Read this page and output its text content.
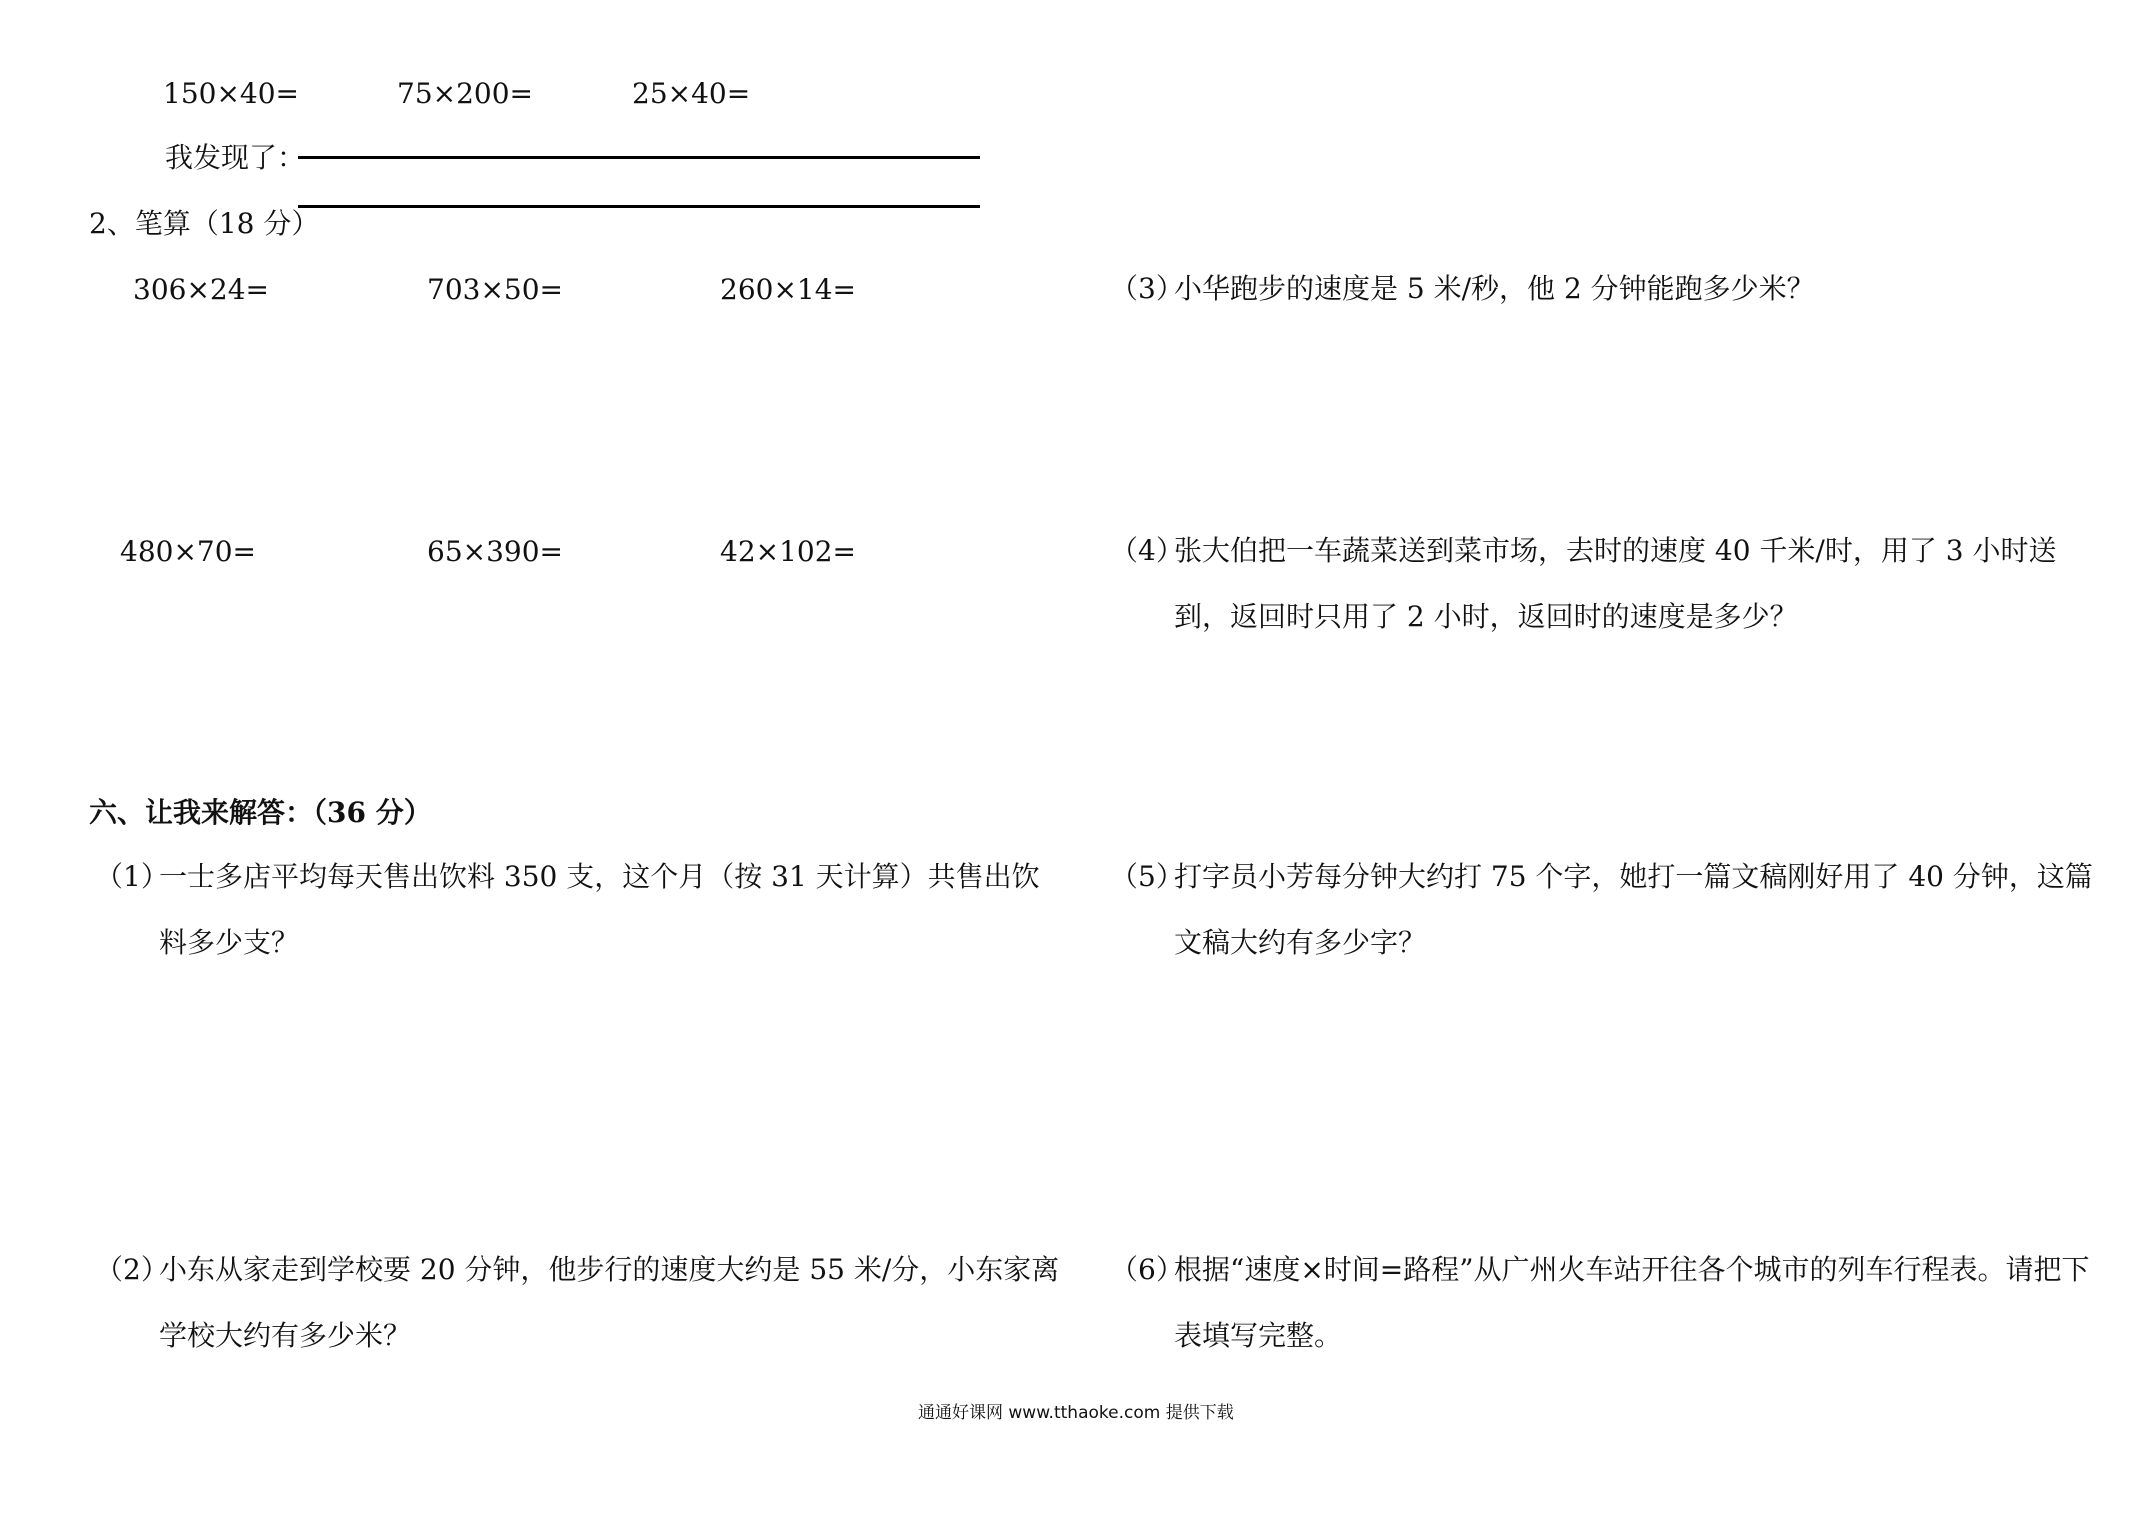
150×40=	75×200=	25×40=
我发现了：
2、笔算（18 分）
306×24=	703×50=	260×14=
480×70=	65×390=	42×102=
六、让我来解答：（36 分）
（1）
一士多店平均每天售出饮料 350 支，这个月（按 31 天计算）共售出饮料多少支？
（2）
小东从家走到学校要 20 分钟，他步行的速度大约是 55 米/分，小东家离学校大约有多少米？
（3）
小华跑步的速度是 5 米/秒，他 2 分钟能跑多少米？
（4）
张大伯把一车蔬菜送到菜市场，去时的速度 40 千米/时，用了 3 小时送到，返回时只用了 2 小时，返回时的速度是多少？
（5）
打字员小芳每分钟大约打 75 个字，她打一篇文稿刚好用了 40 分钟，这篇文稿大约有多少字？
（6）
根据“速度×时间=路程”从广州火车站开往各个城市的列车行程表。请把下表填写完整。
通通好课网 www.tthaoke.com 提供下载
